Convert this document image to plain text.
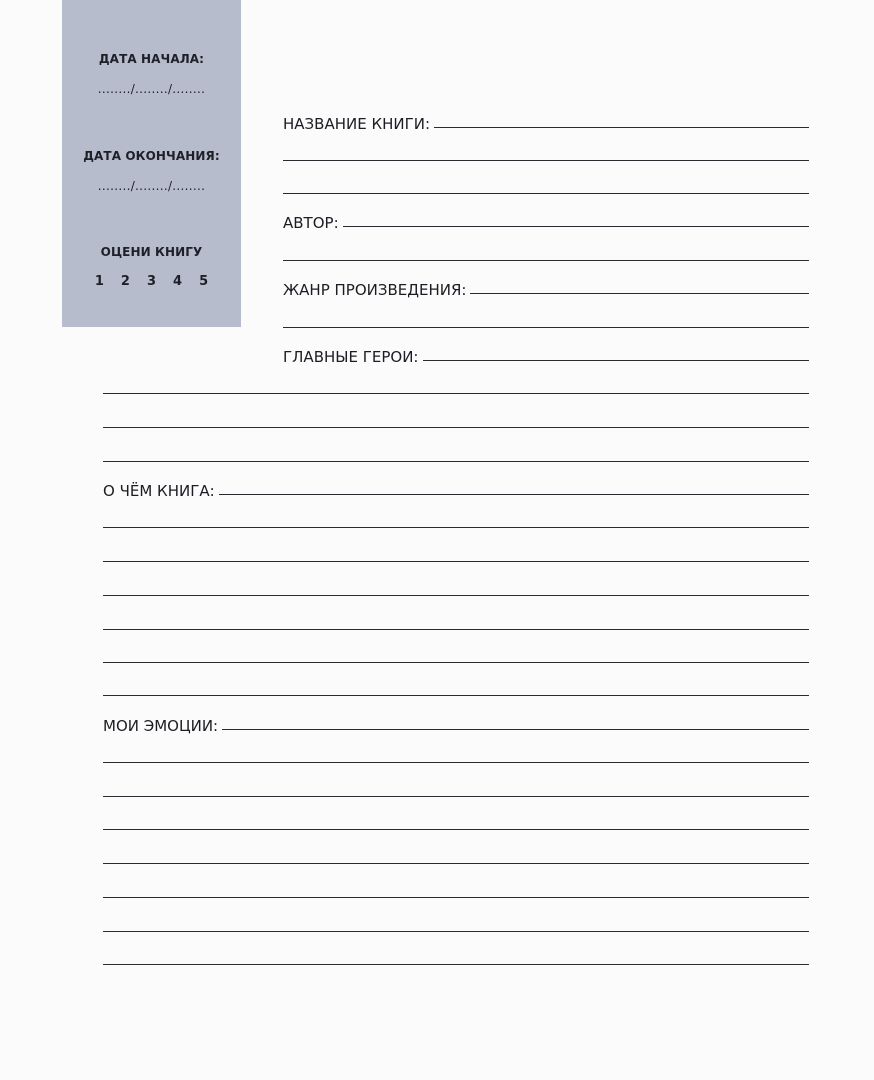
ДАТА НАЧАЛА:
......../......../........
ДАТА ОКОНЧАНИЯ:
......../......../........
ОЦЕНИ КНИГУ
1 2 3 4 5
НАЗВАНИЕ КНИГИ:
АВТОР:
ЖАНР ПРОИЗВЕДЕНИЯ:
ГЛАВНЫЕ ГЕРОИ:
О ЧЁМ КНИГА:
МОИ ЭМОЦИИ:
